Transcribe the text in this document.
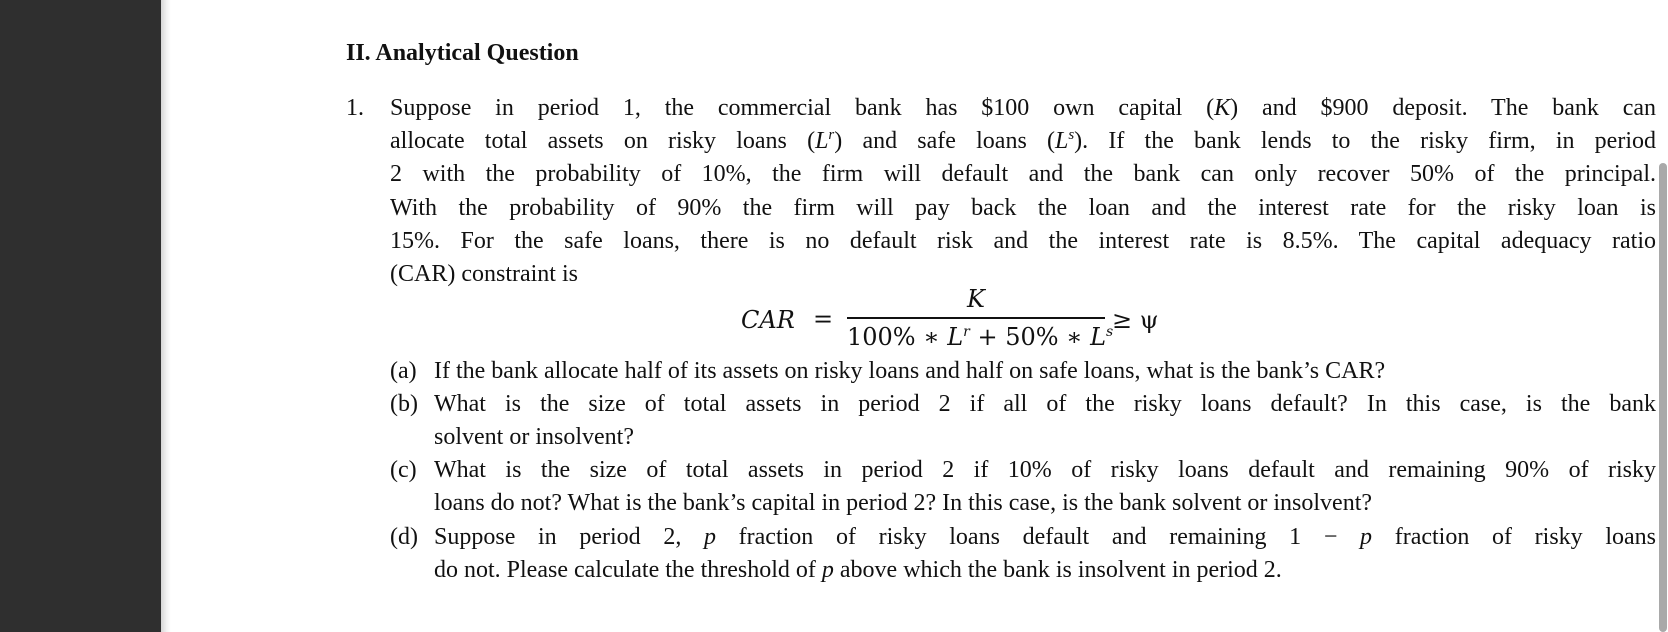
II. Analytical Question
1. Suppose in period 1, the commercial bank has $100 own capital (K) and $900 deposit. The bank can
allocate total assets on risky loans $(L^r)$ and safe loans $(L^s)$. If the bank lends to the risky firm, in period
2 with the probability of 10%, the firm will default and the bank can only recover 50% of the principal.
With the probability of 90% the firm will pay back the loan and the interest rate for the risky loan is
15%. For the safe loans, there is no default risk and the interest rate is 8.5%. The capital adequacy ratio
(CAR) constraint is
CAR =
K
100% ∗ $L^r + 50\%$ ∗ $L^s$
≥ ψ
(a) If the bank allocate half of its assets on risky loans and half on safe loans, what is the bank’s CAR?
(b) What is the size of total assets in period 2 if all of the risky loans default? In this case, is the bank
solvent or insolvent?
(c) What is the size of total assets in period 2 if 10% of risky loans default and remaining 90% of risky
loans do not? What is the bank’s capital in period 2? In this case, is the bank solvent or insolvent?
(d) Suppose in period 2, p fraction of risky loans default and remaining 1 − p fraction of risky loans
do not. Please calculate the threshold of p above which the bank is insolvent in period 2.
